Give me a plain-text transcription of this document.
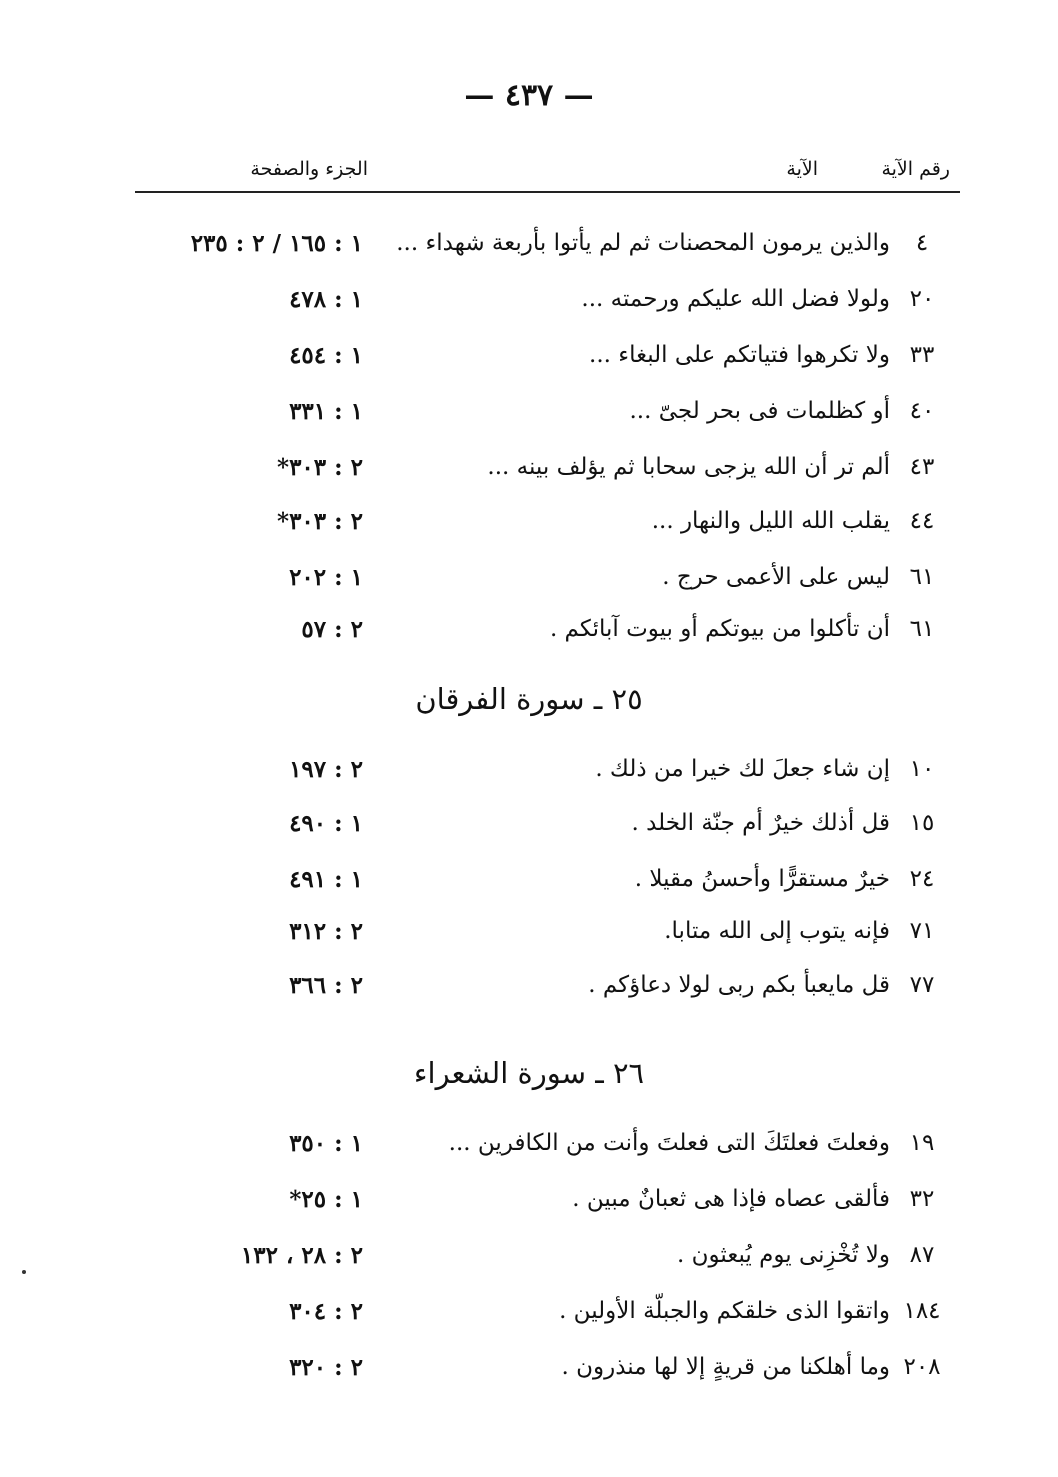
— ٤٣٧ —
رقم الآية
الآية
الجزء والصفحة
٤
والذين يرمون المحصنات ثم لم يأتوا بأربعة شهداء ...
١ : ١٦٥ / ٢ : ٢٣٥
٢٠
ولولا فضل الله عليكم ورحمته ...
١ : ٤٧٨
٣٣
ولا تكرهوا فتياتكم على البغاء ...
١ : ٤٥٤
٤٠
أو كظلمات فى بحر لجىّ ...
١ : ٣٣١
٤٣
ألم تر أن الله يزجى سحابا ثم يؤلف بينه ...
٢ : ٣٠٣*
٤٤
يقلب الله الليل والنهار ...
٢ : ٣٠٣*
٦١
ليس على الأعمى حرج .
١ : ٢٠٢
٦١
أن تأكلوا من بيوتكم أو بيوت آبائكم .
٢ : ٥٧
٢٥ ـ سورة الفرقان
١٠
إن شاء جعلَ لك خيرا من ذلك .
٢ : ١٩٧
١٥
قل أذلك خيرٌ أم جنّة الخلد .
١ : ٤٩٠
٢٤
خيرٌ مستقرًّا وأحسنُ مقيلا .
١ : ٤٩١
٧١
فإنه يتوب إلى الله متابا.
٢ : ٣١٢
٧٧
قل مايعبأ بكم ربى لولا دعاؤكم .
٢ : ٣٦٦
٢٦ ـ سورة الشعراء
١٩
وفعلتَ فعلتَكَ التى فعلتَ وأنت من الكافرين ...
١ : ٣٥٠
٣٢
فألقى عصاه فإذا هى ثعبانٌ مبين .
١ : ٢٥*
٨٧
ولا تُخْزِنى يوم يُبعثون .
٢ : ٢٨ ، ١٣٢
١٨٤
واتقوا الذى خلقكم والجبلّة الأولين .
٢ : ٣٠٤
٢٠٨
وما أهلكنا من قريةٍ إلا لها منذرون .
٢ : ٣٢٠
